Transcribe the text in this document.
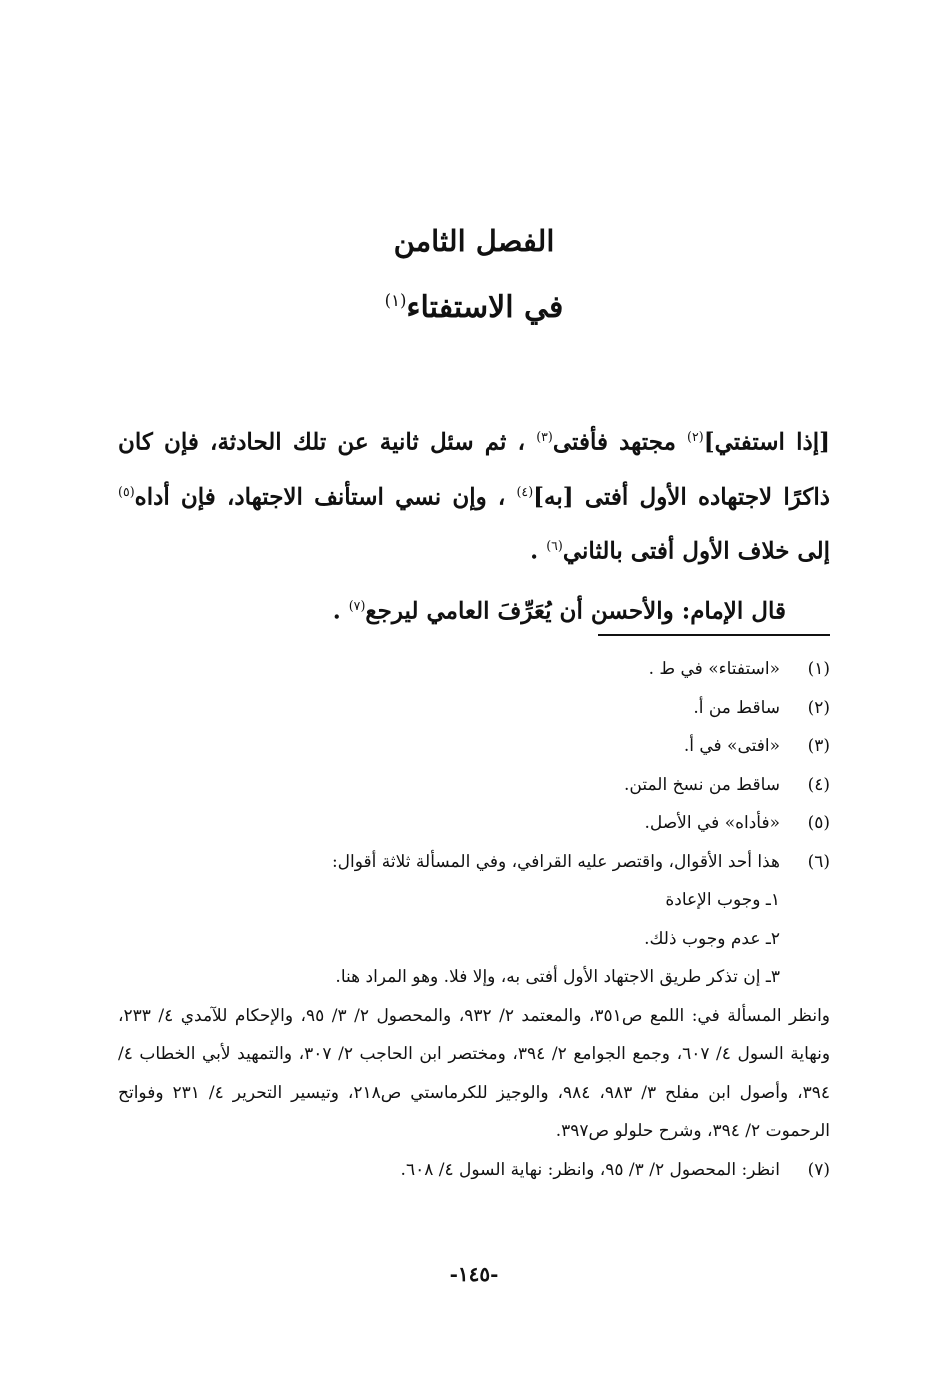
الفصل الثامن
في الاستفتاء$^{(١)}$

[إذا استفتي]$^{(٢)}$ مجتهد فأفتى$^{(٣)}$ ، ثم سئل ثانية عن تلك الحادثة، فإن كان ذاكرًا لاجتهاده الأول أفتى [به]$^{(٤)}$ ، وإن نسي استأنف الاجتهاد، فإن أداه$^{(٥)}$ إلى خلاف الأول أفتى بالثاني$^{(٦)}$ .

قال الإمام: والأحسن أن يُعَرِّفَ العامي ليرجع$^{(٧)}$ .

(١)
«استفتاء» في ط .
(٢)
ساقط من أ.
(٣)
«افتى» في أ.
(٤)
ساقط من نسخ المتن.
(٥)
«فأداه» في الأصل.
(٦)
هذا أحد الأقوال، واقتصر عليه القرافي، وفي المسألة ثلاثة أقوال:
١ـ وجوب الإعادة
٢ـ عدم وجوب ذلك.
٣ـ إن تذكر طريق الاجتهاد الأول أفتى به، وإلا فلا. وهو المراد هنا.
وانظر المسألة في: اللمع ص٣٥١، والمعتمد ٢/ ٩٣٢، والمحصول ٢/ ٣/ ٩٥، والإحكام للآمدي ٤/ ٢٣٣، ونهاية السول ٤/ ٦٠٧، وجمع الجوامع ٢/ ٣٩٤، ومختصر ابن الحاجب ٢/ ٣٠٧، والتمهيد لأبي الخطاب ٤/ ٣٩٤، وأصول ابن مفلح ٣/ ٩٨٣، ٩٨٤، والوجيز للكرماستي ص٢١٨، وتيسير التحرير ٤/ ٢٣١ وفواتح الرحموت ٢/ ٣٩٤، وشرح حلولو ص٣٩٧.
(٧)
انظر: المحصول ٢/ ٣/ ٩٥، وانظر: نهاية السول ٤/ ٦٠٨.
-١٤٥-
